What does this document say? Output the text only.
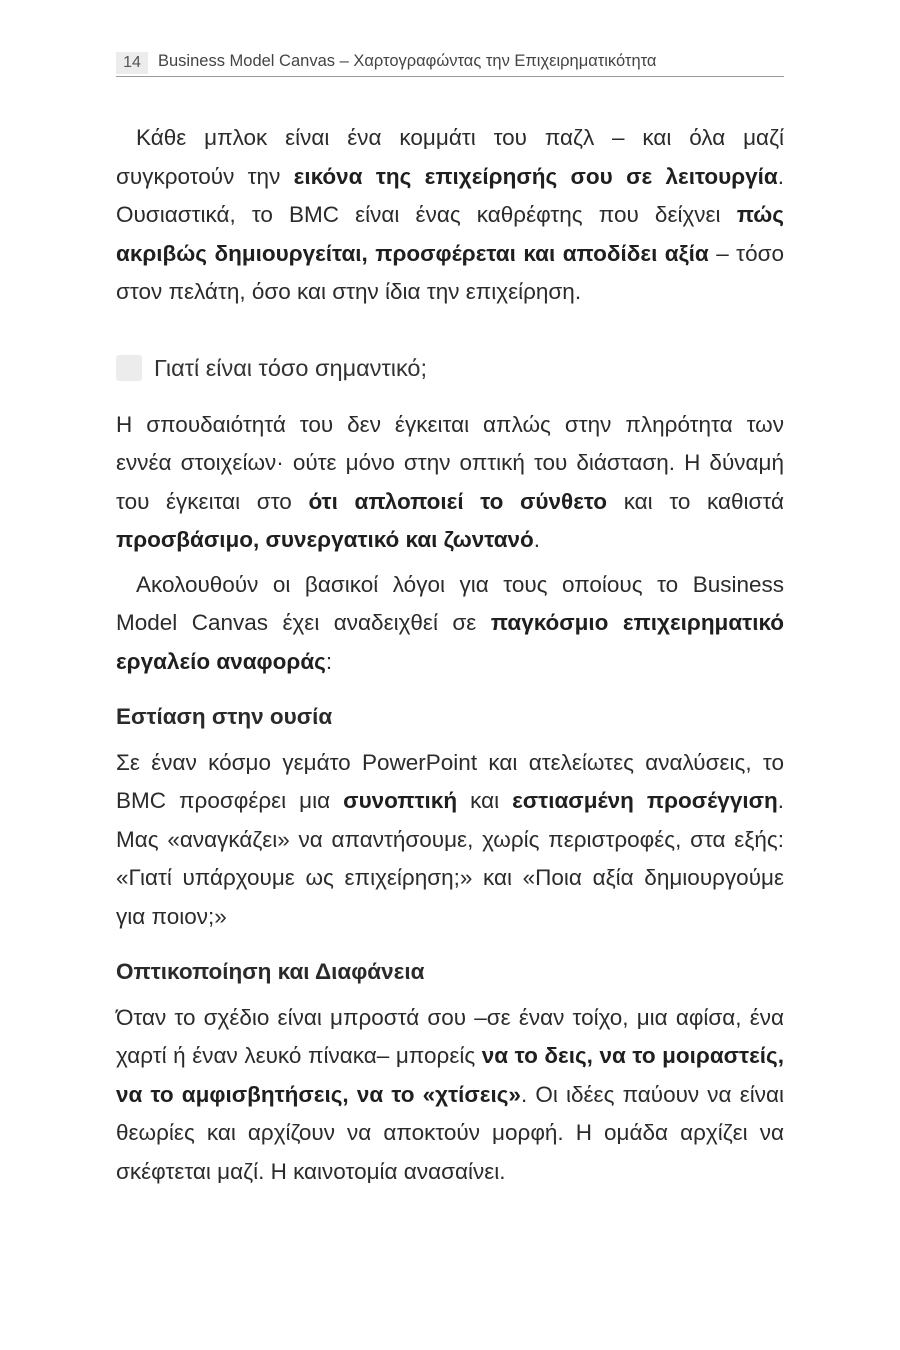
14	Business Model Canvas – Χαρτογραφώντας την Επιχειρηματικότητα

Κάθε μπλοκ είναι ένα κομμάτι του παζλ – και όλα μαζί συγκροτούν την εικόνα της επιχείρησής σου σε λειτουργία. Ουσιαστικά, το BMC είναι ένας καθρέφτης που δείχνει πώς ακριβώς δημιουργείται, προσφέρεται και αποδίδει αξία – τόσο στον πελάτη, όσο και στην ίδια την επιχείρηση.

Γιατί είναι τόσο σημαντικό;

Η σπουδαιότητά του δεν έγκειται απλώς στην πληρότητα των εννέα στοιχείων· ούτε μόνο στην οπτική του διάσταση. Η δύναμή του έγκειται στο ότι απλοποιεί το σύνθετο και το καθιστά προσβάσιμο, συνεργατικό και ζωντανό.

Ακολουθούν οι βασικοί λόγοι για τους οποίους το Business Model Canvas έχει αναδειχθεί σε παγκόσμιο επιχειρηματικό εργαλείο αναφοράς:

Εστίαση στην ουσία

Σε έναν κόσμο γεμάτο PowerPoint και ατελείωτες αναλύσεις, το BMC προσφέρει μια συνοπτική και εστιασμένη προσέγγιση. Μας «αναγκάζει» να απαντήσουμε, χωρίς περιστροφές, στα εξής: «Γιατί υπάρχουμε ως επιχείρηση;» και «Ποια αξία δημιουργούμε για ποιον;»

Οπτικοποίηση και Διαφάνεια

Όταν το σχέδιο είναι μπροστά σου –σε έναν τοίχο, μια αφίσα, ένα χαρτί ή έναν λευκό πίνακα– μπορείς να το δεις, να το μοιραστείς, να το αμφισβητήσεις, να το «χτίσεις». Οι ιδέες παύουν να είναι θεωρίες και αρχίζουν να αποκτούν μορφή. Η ομάδα αρχίζει να σκέφτεται μαζί. Η καινοτομία ανασαίνει.
